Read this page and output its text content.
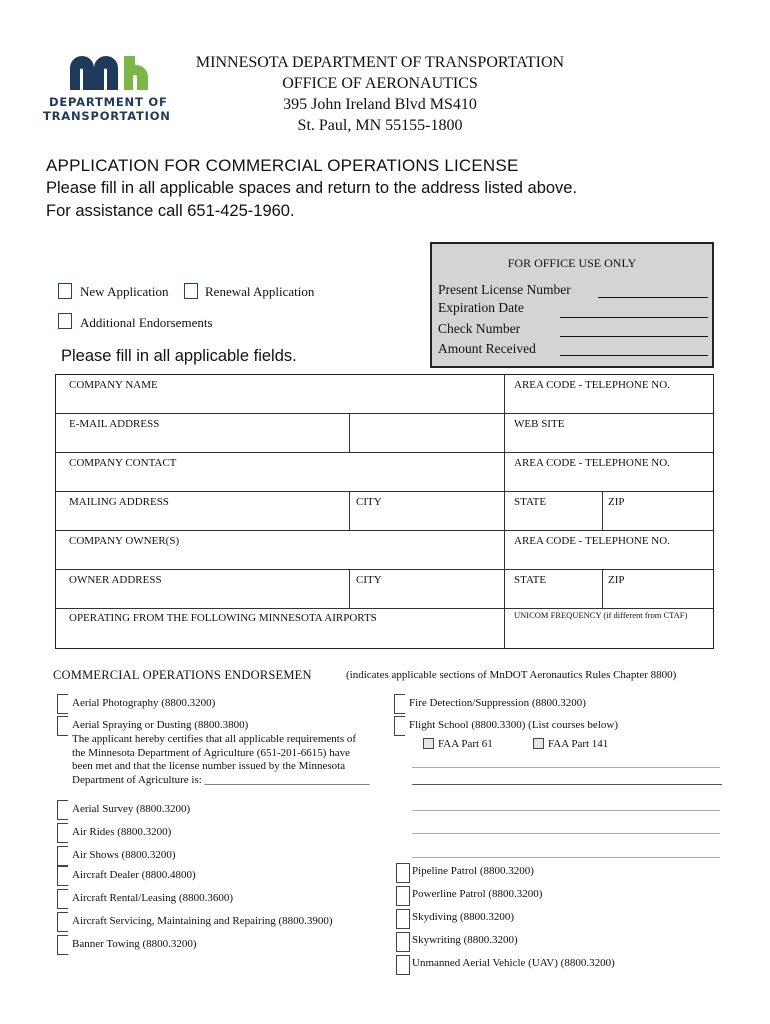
DEPARTMENT OF
TRANSPORTATION
MINNESOTA DEPARTMENT OF TRANSPORTATION
OFFICE OF AERONAUTICS
395 John Ireland Blvd MS410
St. Paul, MN 55155-1800
APPLICATION FOR COMMERCIAL OPERATIONS LICENSE
Please fill in all applicable spaces and return to the address listed above.
For assistance call 651-425-1960.
FOR OFFICE USE ONLY
Present License Number
Expiration Date
Check Number
Amount Received
New Application	Renewal Application
Additional Endorsements
Please fill in all applicable fields.
COMPANY NAME	AREA CODE - TELEPHONE NO.
E-MAIL ADDRESS	WEB SITE
COMPANY CONTACT	AREA CODE - TELEPHONE NO.
MAILING ADDRESS	CITY	STATE	ZIP
COMPANY OWNER(S)	AREA CODE - TELEPHONE NO.
OWNER ADDRESS	CITY	STATE	ZIP
OPERATING FROM THE FOLLOWING MINNESOTA AIRPORTS	UNICOM FREQUENCY (if different from CTAF)
COMMERCIAL OPERATIONS ENDORSEMEN	(indicates applicable sections of MnDOT Aeronautics Rules Chapter 8800)
Aerial Photography (8800.3200)
Aerial Spraying or Dusting (8800.3800)
The applicant hereby certifies that all applicable requirements of
the Minnesota Department of Agriculture (651-201-6615) have
been met and that the license number issued by the Minnesota
Department of Agriculture is: ______________________________
Fire Detection/Suppression (8800.3200)
Flight School (8800.3300) (List courses below)
FAA Part 61	FAA Part 141
Aerial Survey (8800.3200)
Air Rides (8800.3200)
Air Shows (8800.3200)
Aircraft Dealer (8800.4800)
Aircraft Rental/Leasing (8800.3600)
Aircraft Servicing, Maintaining and Repairing (8800.3900)
Banner Towing (8800.3200)
Pipeline Patrol (8800.3200)
Powerline Patrol (8800.3200)
Skydiving (8800.3200)
Skywriting (8800.3200)
Unmanned Aerial Vehicle (UAV) (8800.3200)
